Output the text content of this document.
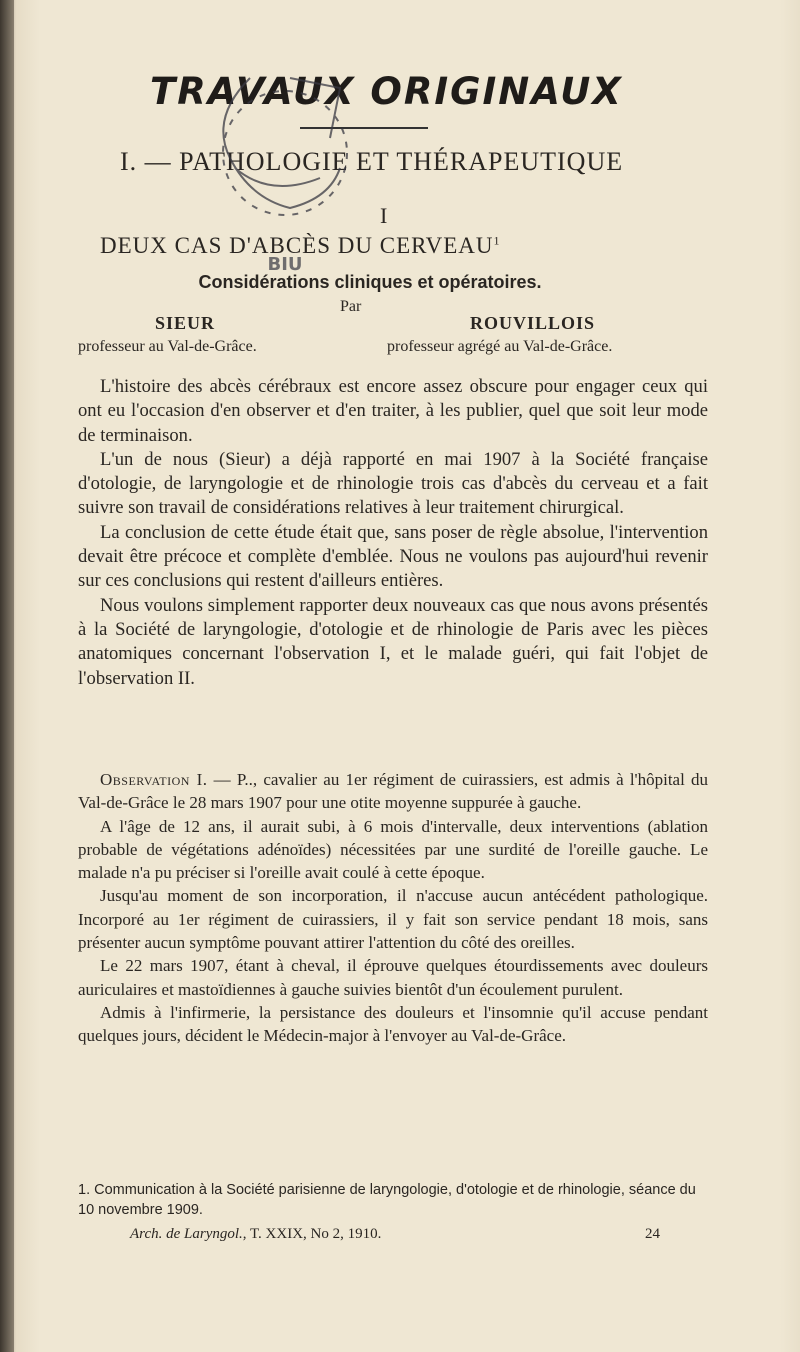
TRAVAUX ORIGINAUX
I. — PATHOLOGIE ET THÉRAPEUTIQUE
I
DEUX CAS D'ABCÈS DU CERVEAU$^1$
Considérations cliniques et opératoires.
Par
SIEUR
professeur au Val-de-Grâce.
ROUVILLOIS
professeur agrégé au Val-de-Grâce.

L'histoire des abcès cérébraux est encore assez obscure pour engager ceux qui ont eu l'occasion d'en observer et d'en traiter, à les publier, quel que soit leur mode de terminaison.

L'un de nous (Sieur) a déjà rapporté en mai 1907 à la Société française d'otologie, de laryngologie et de rhinologie trois cas d'abcès du cerveau et a fait suivre son travail de considérations relatives à leur traitement chirurgical.

La conclusion de cette étude était que, sans poser de règle absolue, l'intervention devait être précoce et complète d'emblée. Nous ne voulons pas aujourd'hui revenir sur ces conclusions qui restent d'ailleurs entières.

Nous voulons simplement rapporter deux nouveaux cas que nous avons présentés à la Société de laryngologie, d'otologie et de rhinologie de Paris avec les pièces anatomiques concernant l'observation I, et le malade guéri, qui fait l'objet de l'observation II.

Observation I. — P.., cavalier au 1er régiment de cuirassiers, est admis à l'hôpital du Val-de-Grâce le 28 mars 1907 pour une otite moyenne suppurée à gauche.

A l'âge de 12 ans, il aurait subi, à 6 mois d'intervalle, deux interventions (ablation probable de végétations adénoïdes) nécessitées par une surdité de l'oreille gauche. Le malade n'a pu préciser si l'oreille avait coulé à cette époque.

Jusqu'au moment de son incorporation, il n'accuse aucun antécédent pathologique. Incorporé au 1er régiment de cuirassiers, il y fait son service pendant 18 mois, sans présenter aucun symptôme pouvant attirer l'attention du côté des oreilles.

Le 22 mars 1907, étant à cheval, il éprouve quelques étourdissements avec douleurs auriculaires et mastoïdiennes à gauche suivies bientôt d'un écoulement purulent.

Admis à l'infirmerie, la persistance des douleurs et l'insomnie qu'il accuse pendant quelques jours, décident le Médecin-major à l'envoyer au Val-de-Grâce.

1. Communication à la Société parisienne de laryngologie, d'otologie et de rhinologie, séance du 10 novembre 1909.
Arch. de Laryngol., T. XXIX, No 2, 1910.	24
BIU
